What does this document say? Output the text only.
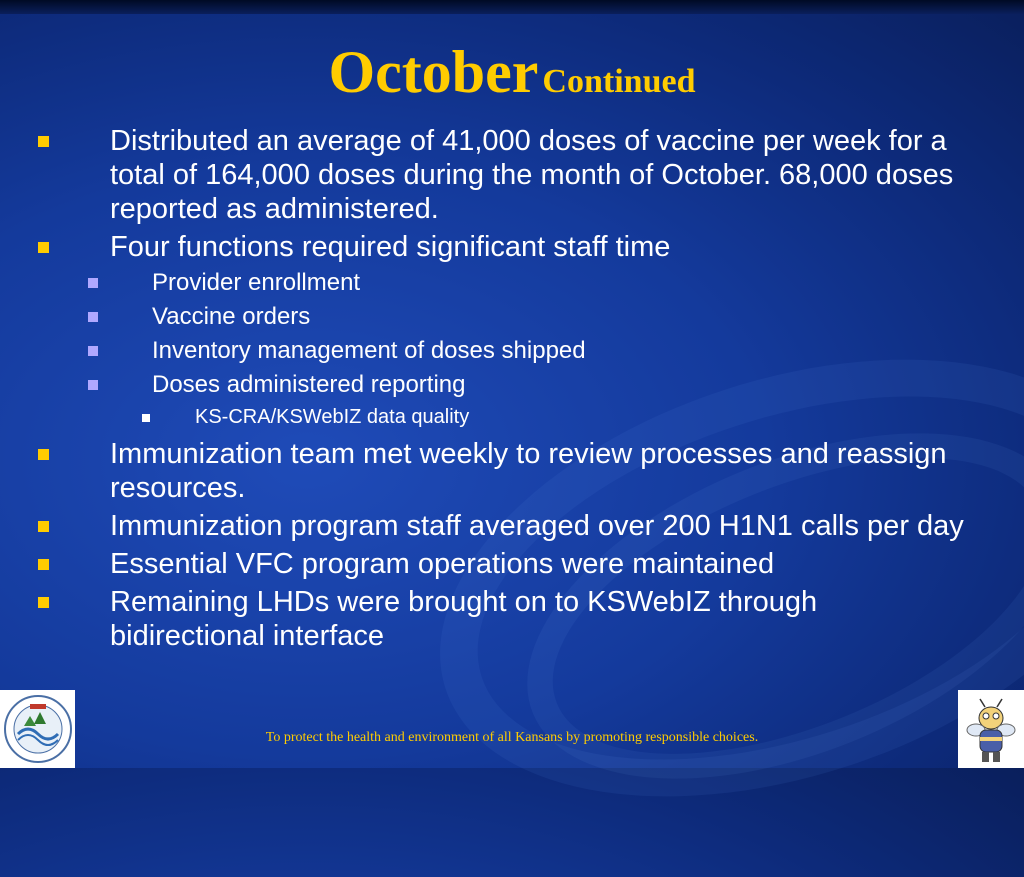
October Continued
Distributed an average of 41,000 doses of vaccine per week for a total of 164,000 doses during the month of October. 68,000 doses reported as administered.
Four functions required significant staff time
Provider enrollment
Vaccine orders
Inventory management of doses shipped
Doses administered reporting
KS-CRA/KSWebIZ data quality
Immunization team met weekly to review processes and reassign resources.
Immunization program staff averaged over 200 H1N1 calls per day
Essential VFC program operations were maintained
Remaining LHDs were brought on to KSWebIZ through bidirectional interface
To protect the health and environment of all Kansans by promoting responsible choices.
